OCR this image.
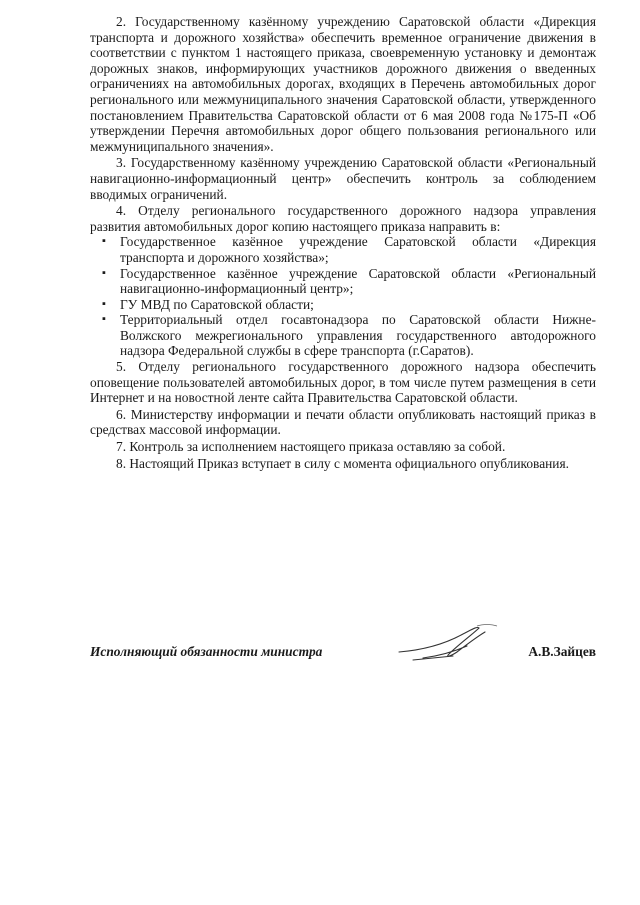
2. Государственному казённому учреждению Саратовской области «Дирекция транспорта и дорожного хозяйства» обеспечить временное ограничение движения в соответствии с пунктом 1 настоящего приказа, своевременную установку и демонтаж дорожных знаков, информирующих участников дорожного движения о введенных ограничениях на автомобильных дорогах, входящих в Перечень автомобильных дорог регионального или межмуниципального значения Саратовской области, утвержденного постановлением Правительства Саратовской области от 6 мая 2008 года №175-П «Об утверждении Перечня автомобильных дорог общего пользования регионального или межмуниципального значения».

3. Государственному казённому учреждению Саратовской области «Региональный навигационно-информационный центр» обеспечить контроль за соблюдением вводимых ограничений.

4. Отделу регионального государственного дорожного надзора управления развития автомобильных дорог копию настоящего приказа направить в:

▪ Государственное казённое учреждение Саратовской области «Дирекция транспорта и дорожного хозяйства»;
▪ Государственное казённое учреждение Саратовской области «Региональный навигационно-информационный центр»;
▪ ГУ МВД по Саратовской области;
▪ Территориальный отдел госавтонадзора по Саратовской области Нижне-Волжского межрегионального управления государственного автодорожного надзора Федеральной службы в сфере транспорта (г.Саратов).

5. Отделу регионального государственного дорожного надзора обеспечить оповещение пользователей автомобильных дорог, в том числе путем размещения в сети Интернет и на новостной ленте сайта Правительства Саратовской области.

6. Министерству информации и печати области опубликовать настоящий приказ в средствах массовой информации.

7. Контроль за исполнением настоящего приказа оставляю за собой.

8. Настоящий Приказ вступает в силу с момента официального опубликования.

Исполняющий обязанности министра	А.В.Зайцев
